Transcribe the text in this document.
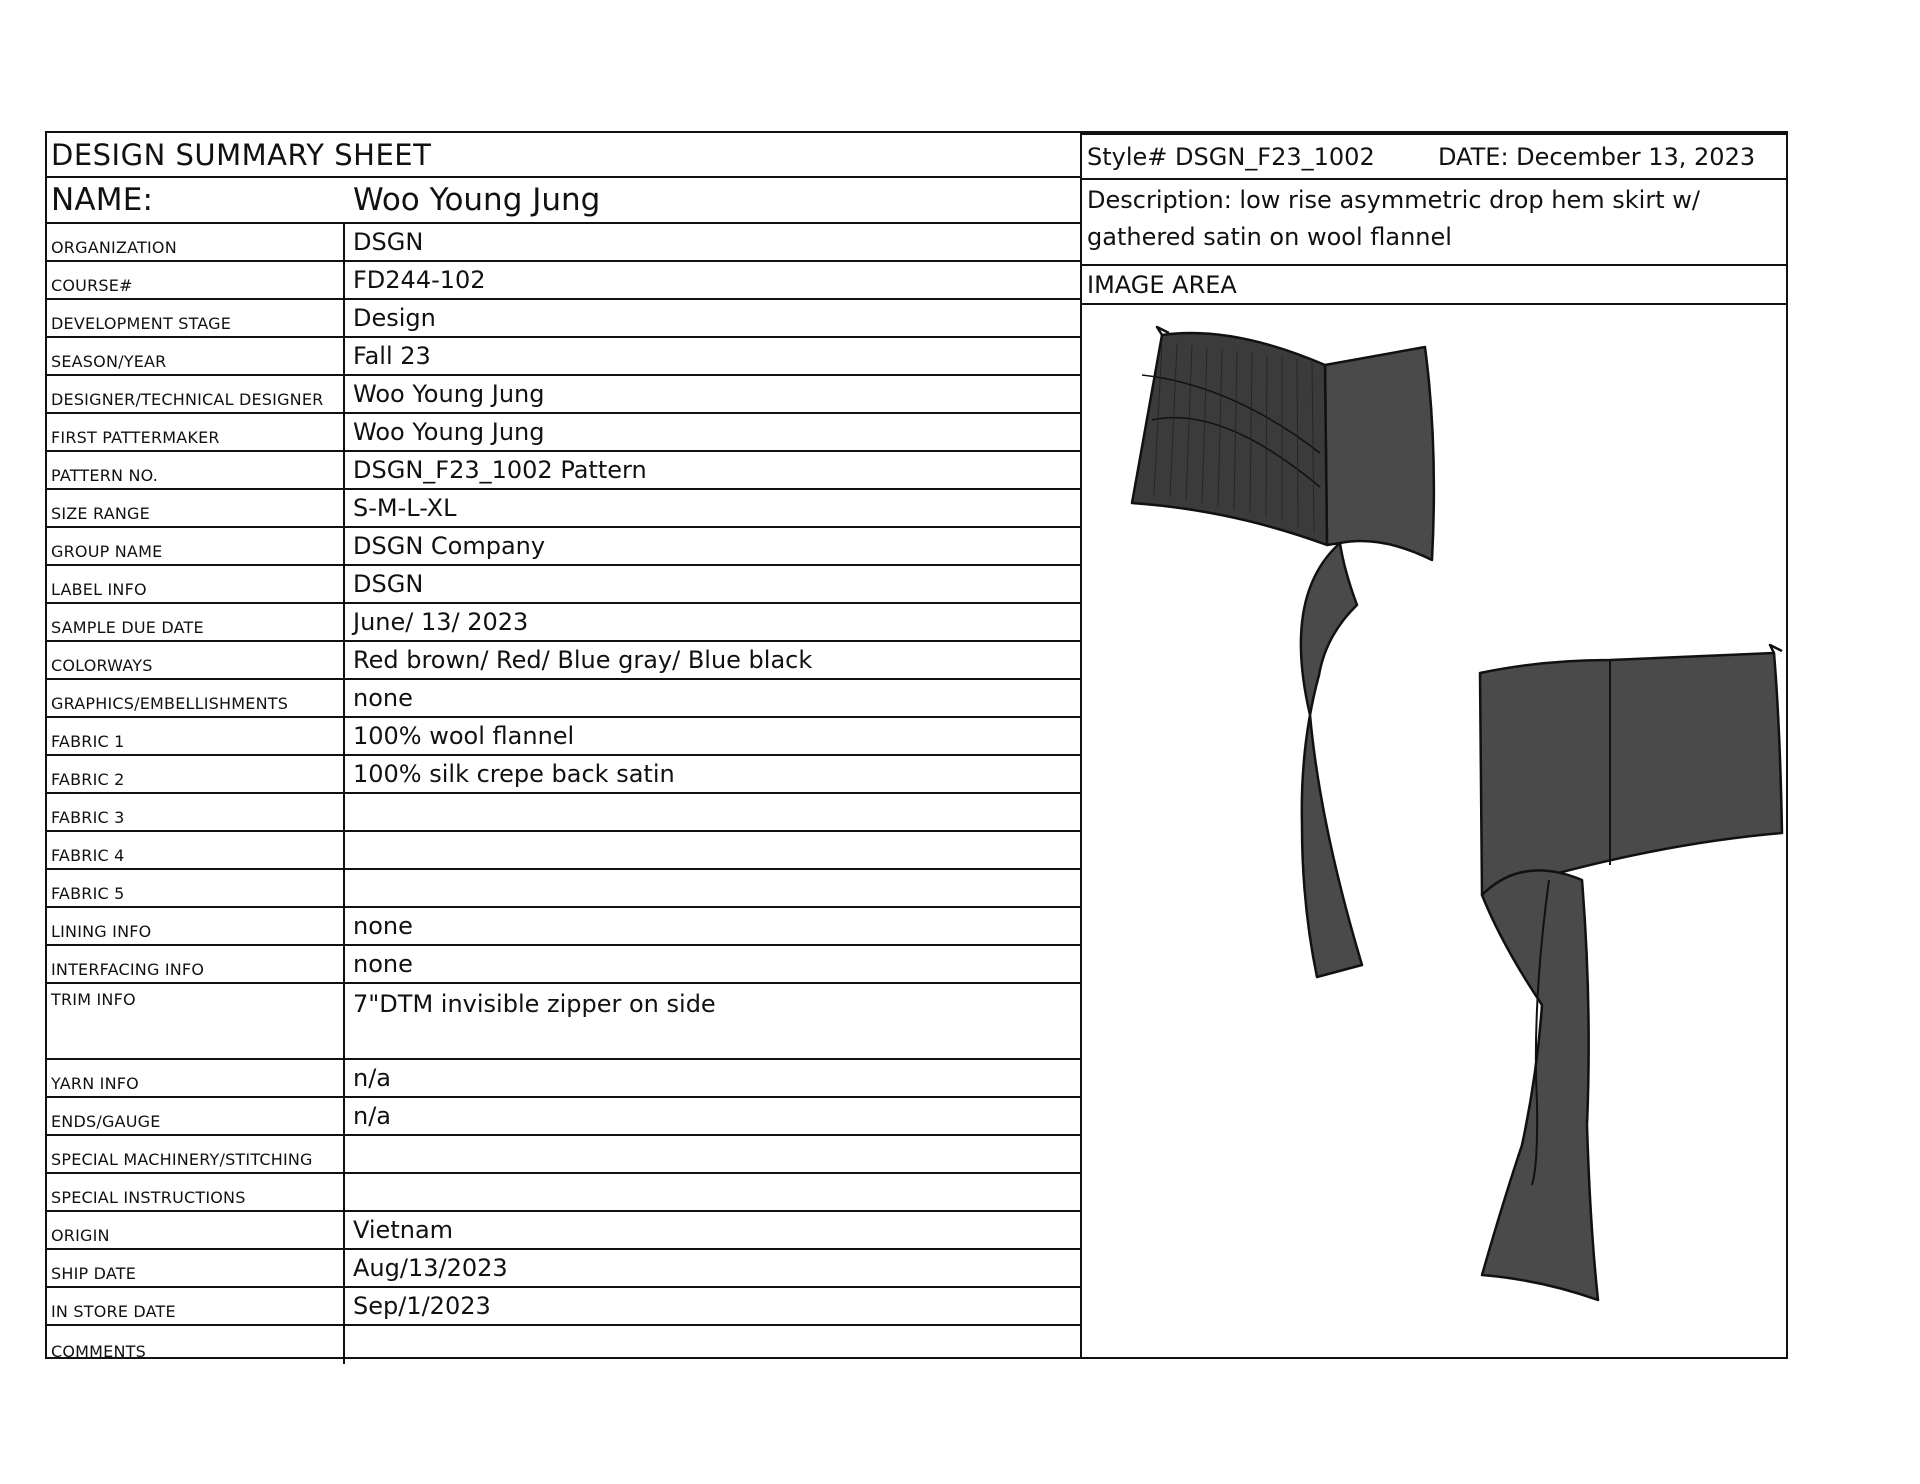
DESIGN SUMMARY SHEET
NAME:	Woo Young Jung
ORGANIZATION	DSGN
COURSE#	FD244-102
DEVELOPMENT STAGE	Design
SEASON/YEAR	Fall 23
DESIGNER/TECHNICAL DESIGNER	Woo Young Jung
FIRST PATTERMAKER	Woo Young Jung
PATTERN NO.	DSGN_F23_1002 Pattern
SIZE RANGE	S-M-L-XL
GROUP NAME	DSGN Company
LABEL INFO	DSGN
SAMPLE DUE DATE	June/ 13/ 2023
COLORWAYS	Red brown/ Red/ Blue gray/ Blue black
GRAPHICS/EMBELLISHMENTS	none
FABRIC 1	100% wool flannel
FABRIC 2	100% silk crepe back satin
FABRIC 3
FABRIC 4
FABRIC 5
LINING INFO	none
INTERFACING INFO	none
TRIM INFO	7"DTM invisible zipper on side
YARN INFO	n/a
ENDS/GAUGE	n/a
SPECIAL MACHINERY/STITCHING
SPECIAL INSTRUCTIONS
ORIGIN	Vietnam
SHIP DATE	Aug/13/2023
IN STORE DATE	Sep/1/2023
COMMENTS
Style# DSGN_F23_1002	DATE: December 13, 2023
Description: low rise asymmetric drop hem skirt w/ gathered satin on wool flannel
IMAGE AREA
